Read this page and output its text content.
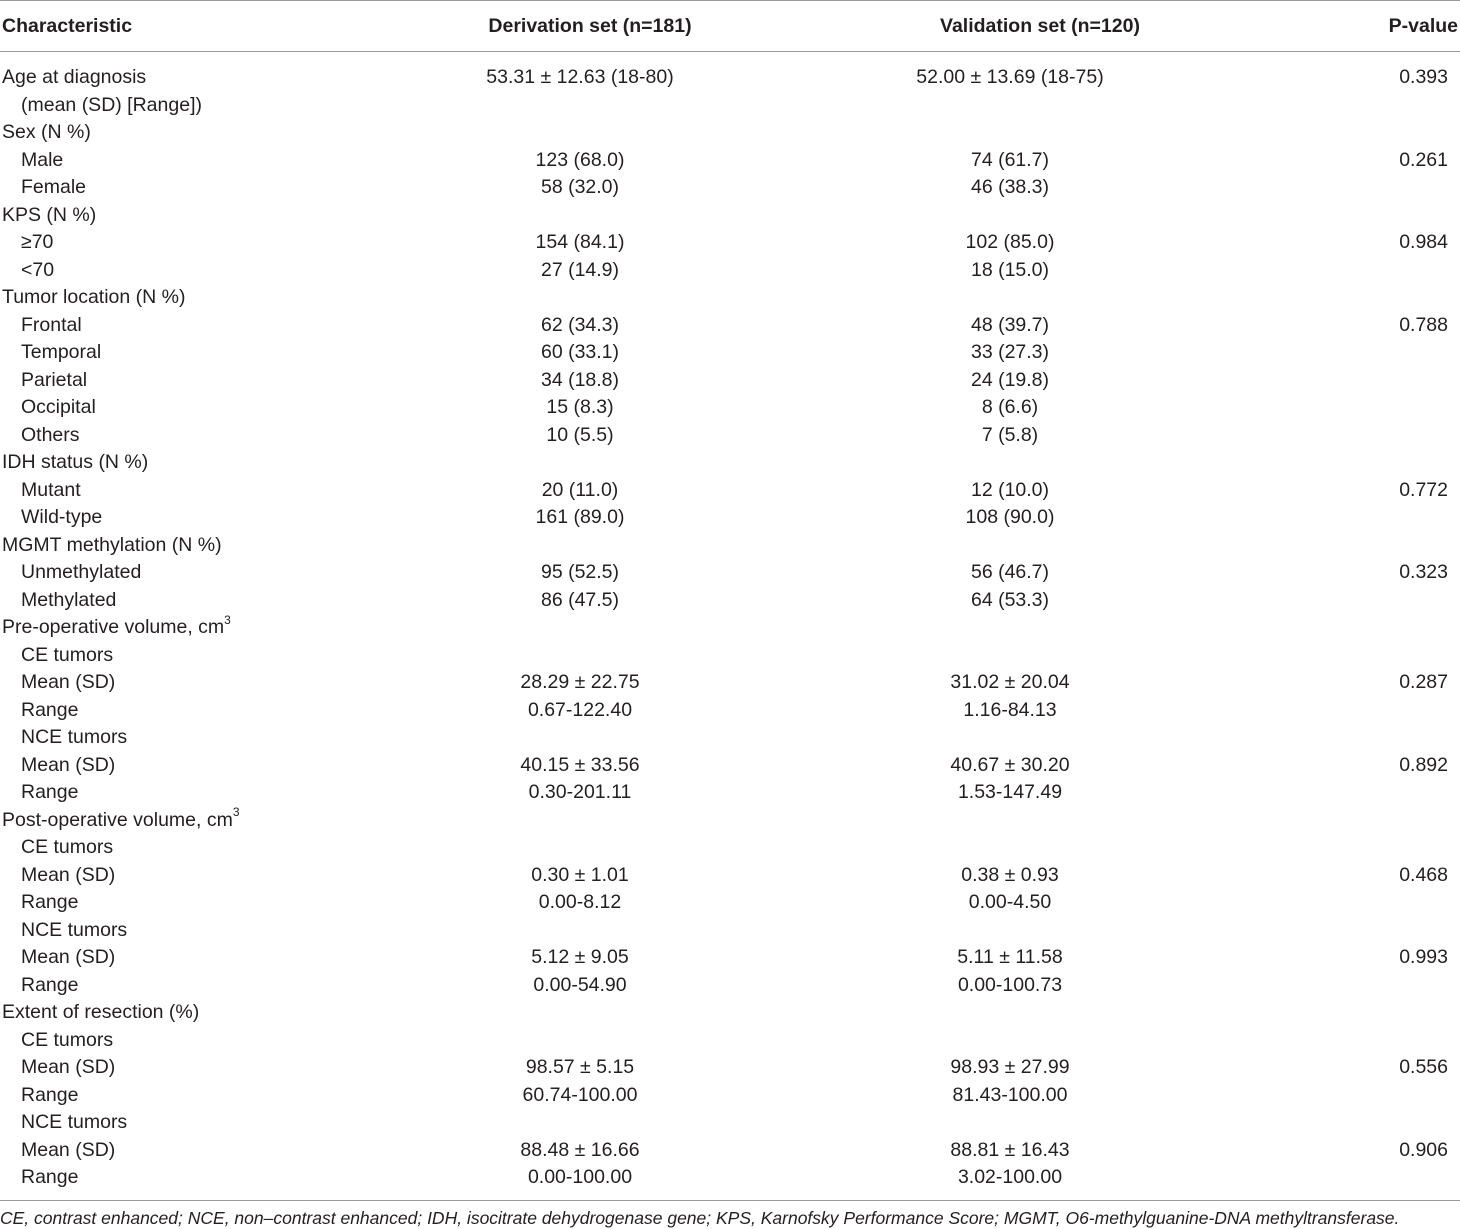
Characteristic	Derivation set (n=181)	Validation set (n=120)	P-value
Age at diagnosis	53.31 ± 12.63 (18-80)	52.00 ± 13.69 (18-75)	0.393
(mean (SD) [Range])			
Sex (N %)			
Male	123 (68.0)	74 (61.7)	0.261
Female	58 (32.0)	46 (38.3)	
KPS (N %)			
≥70	154 (84.1)	102 (85.0)	0.984
<70	27 (14.9)	18 (15.0)	
Tumor location (N %)			
Frontal	62 (34.3)	48 (39.7)	0.788
Temporal	60 (33.1)	33 (27.3)	
Parietal	34 (18.8)	24 (19.8)	
Occipital	15 (8.3)	8 (6.6)	
Others	10 (5.5)	7 (5.8)	
IDH status (N %)			
Mutant	20 (11.0)	12 (10.0)	0.772
Wild-type	161 (89.0)	108 (90.0)	
MGMT methylation (N %)			
Unmethylated	95 (52.5)	56 (46.7)	0.323
Methylated	86 (47.5)	64 (53.3)	
Pre-operative volume, $cm^3$			
CE tumors			
Mean (SD)	28.29 ± 22.75	31.02 ± 20.04	0.287
Range	0.67-122.40	1.16-84.13	
NCE tumors			
Mean (SD)	40.15 ± 33.56	40.67 ± 30.20	0.892
Range	0.30-201.11	1.53-147.49	
Post-operative volume, $cm^3$			
CE tumors			
Mean (SD)	0.30 ± 1.01	0.38 ± 0.93	0.468
Range	0.00-8.12	0.00-4.50	
NCE tumors			
Mean (SD)	5.12 ± 9.05	5.11 ± 11.58	0.993
Range	0.00-54.90	0.00-100.73	
Extent of resection (%)			
CE tumors			
Mean (SD)	98.57 ± 5.15	98.93 ± 27.99	0.556
Range	60.74-100.00	81.43-100.00	
NCE tumors			
Mean (SD)	88.48 ± 16.66	88.81 ± 16.43	0.906
Range	0.00-100.00	3.02-100.00	
CE, contrast enhanced; NCE, non–contrast enhanced; IDH, isocitrate dehydrogenase gene; KPS, Karnofsky Performance Score; MGMT, O6-methylguanine-DNA methyltransferase.
